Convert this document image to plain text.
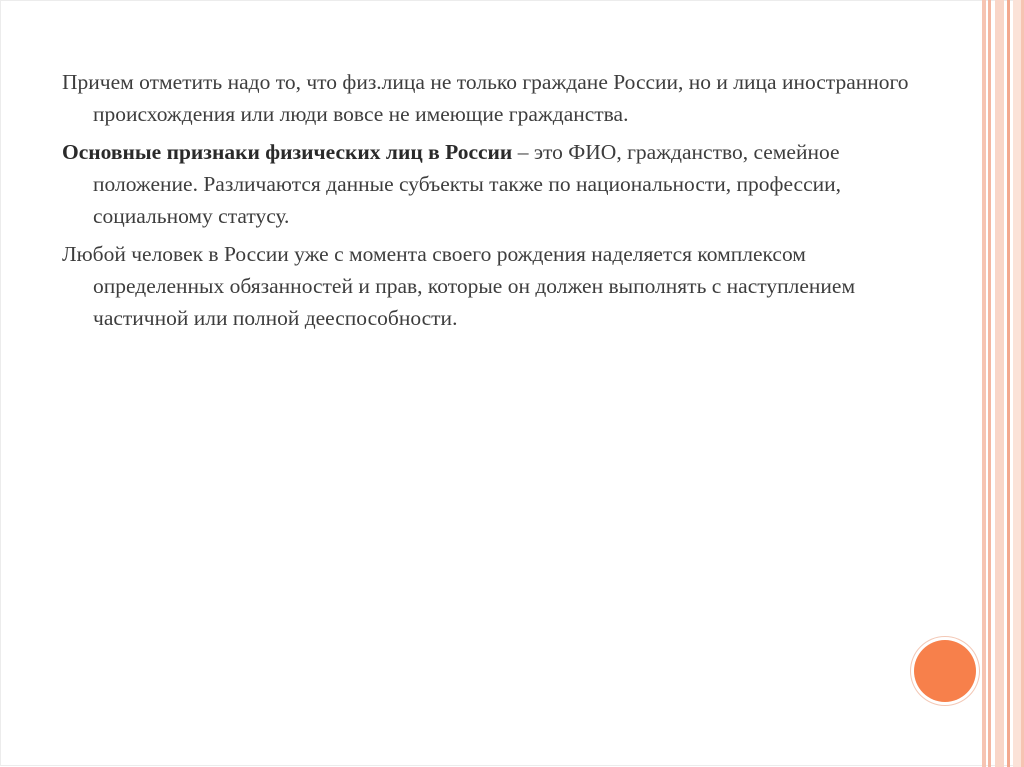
Причем отметить надо то, что физ.лица не только граждане России, но и лица иностранного происхождения или люди вовсе не имеющие гражданства.

Основные признаки физических лиц в России – это ФИО, гражданство, семейное положение. Различаются данные субъекты также по национальности, профессии, социальному статусу.

Любой человек в России уже с момента своего рождения наделяется комплексом определенных обязанностей и прав, которые он должен выполнять с наступлением частичной или полной дееспособности.
